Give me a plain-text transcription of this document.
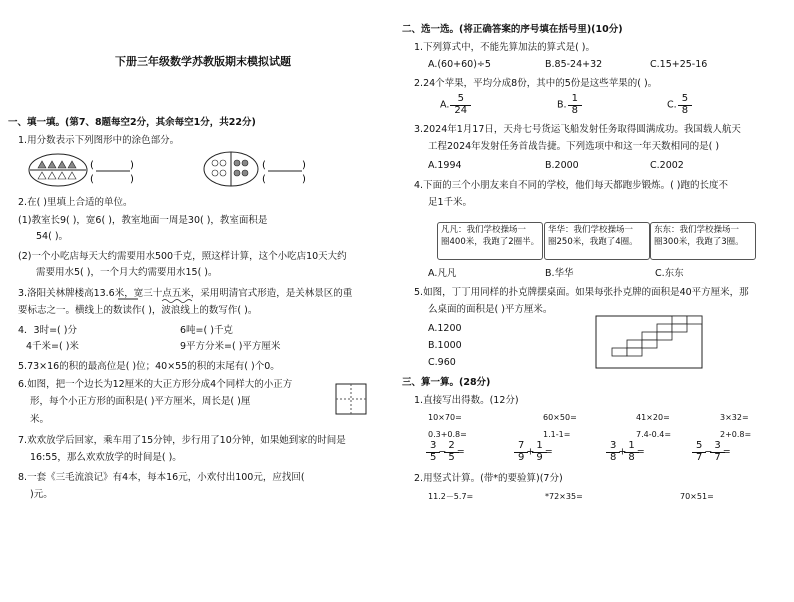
下册三年级数学苏教版期末模拟试题
一、填一填。(第7、8题每空2分，其余每空1分，共22分)
1.用分数表示下列图形中的涂色部分。
(	)
(	)
(	)
(	)
2.在( )里填上合适的单位。
(1)教室长9( )，宽6( )，教室地面一周是30( )，教室面积是
54( )。
(2)一个小吃店每天大约需要用水500千克，照这样计算，这个小吃店10天大约
需要用水5( )，一个月大约需要用水15( )。
3.洛阳关林牌楼高13.6米，宽三十点五米，采用明清官式形造，是关林景区的重
要标志之一。横线上的数读作( )，波浪线上的数写作( )。
4．3时=( )分	6吨=( )千克
4千米=( )米	9平方分米=( )平方厘米
5.73×16的积的最高位是( )位；40×55的积的末尾有( )个0。
6.如图，把一个边长为12厘米的大正方形分成4个同样大的小正方
形，每个小正方形的面积是( )平方厘米，周长是( )厘
米。
7.欢欢放学后回家，乘车用了15分钟，步行用了10分钟，如果她到家的时间是
16:55，那么欢欢放学的时间是( )。
8.一套《三毛流浪记》有4本，每本16元，小欢付出100元，应找回(
)元。
二、选一选。(将正确答案的序号填在括号里)(10分)
1.下列算式中，不能先算加法的算式是( )。
A.(60+60)÷5	B.85-24+32	C.15+25-16
2.24个苹果，平均分成8份，其中的5份是这些苹果的( )。
A. $\frac{5}{24}$	B. $\frac{1}{8}$	C. $\frac{5}{8}$
3.2024年1月17日，天舟七号货运飞船发射任务取得圆满成功。我国载人航天
工程2024年发射任务首战告捷。下列选项中和这一年天数相同的是( )
A.1994	B.2000	C.2002
4.下面的三个小朋友来自不同的学校，他们每天都跑步锻炼。( )跑的长度不
足1千米。
凡凡：我们学校操场一
圈400米，我跑了2圈半。
华华：我们学校操场一
圈250米，我跑了4圈。
东东：我们学校操场一
圈300米，我跑了3圈。
A.凡凡	B.华华	C.东东
5.如图，丁丁用同样的扑克牌摆桌面。如果每张扑克牌的面积是40平方厘米，那
么桌面的面积是( )平方厘米。
A.1200
B.1000
C.960
三、算一算。(28分)
1.直接写出得数。(12分)
10×70=	60×50=	41×20=	3×32=
0.3+0.8=	1.1-1=	7.4-0.4=	2+0.8=
$\frac{3}{5} - \frac{2}{5}$ =	$\frac{7}{9} + \frac{1}{9}$ =	$\frac{3}{8} + \frac{1}{8}$ =	$\frac{5}{7} - \frac{3}{7}$ =
2.用竖式计算。(带*的要验算)(7分)
11.2－5.7=	*72×35=	70×51=
